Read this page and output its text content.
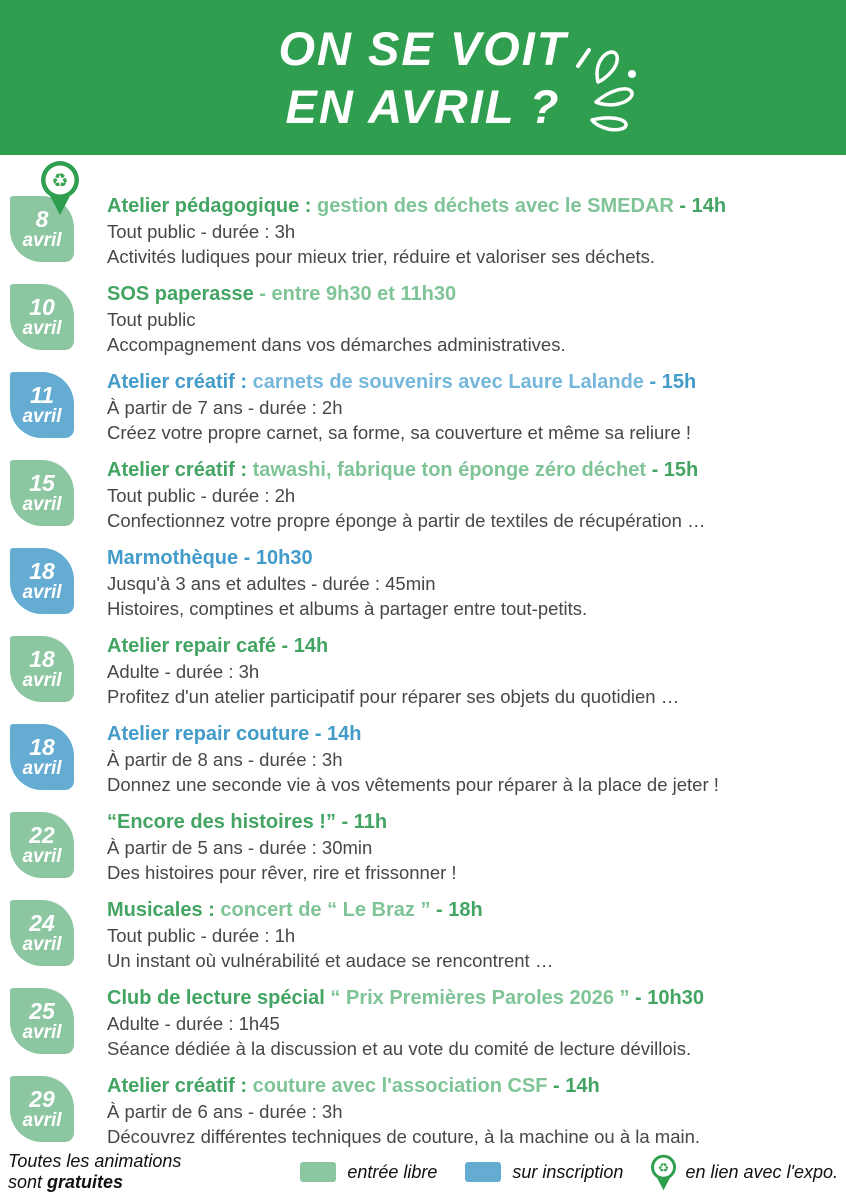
ON SE VOIT
EN AVRIL ?
♻
8
avril
Atelier pédagogique : gestion des déchets avec le SMEDAR - 14h
Tout public - durée : 3h
Activités ludiques pour mieux trier, réduire et valoriser ses déchets.
10
avril
SOS paperasse - entre 9h30 et 11h30
Tout public
Accompagnement dans vos démarches administratives.
11
avril
Atelier créatif : carnets de souvenirs avec Laure Lalande - 15h
À partir de 7 ans - durée : 2h
Créez votre propre carnet, sa forme, sa couverture et même sa reliure !
15
avril
Atelier créatif : tawashi, fabrique ton éponge zéro déchet - 15h
Tout public - durée : 2h
Confectionnez votre propre éponge à partir de textiles de récupération …
18
avril
Marmothèque - 10h30
Jusqu'à 3 ans et adultes - durée : 45min
Histoires, comptines et albums à partager entre tout-petits.
18
avril
Atelier repair café - 14h
Adulte - durée : 3h
Profitez d'un atelier participatif pour réparer ses objets du quotidien …
18
avril
Atelier repair couture - 14h
À partir de 8 ans - durée : 3h
Donnez une seconde vie à vos vêtements pour réparer à la place de jeter !
22
avril
“Encore des histoires !” - 11h
À partir de 5 ans - durée : 30min
Des histoires pour rêver, rire et frissonner !
24
avril
Musicales : concert de “ Le Braz ” - 18h
Tout public - durée : 1h
Un instant où vulnérabilité et audace se rencontrent …
25
avril
Club de lecture spécial “ Prix Premières Paroles 2026 ” - 10h30
Adulte - durée : 1h45
Séance dédiée à la discussion et au vote du comité de lecture dévillois.
29
avril
Atelier créatif : couture avec l'association CSF - 14h
À partir de 6 ans - durée : 3h
Découvrez différentes techniques de couture, à la machine ou à la main.
Toutes les animations sont gratuites
entrée libre	sur inscription ♻ en lien avec l'expo.
